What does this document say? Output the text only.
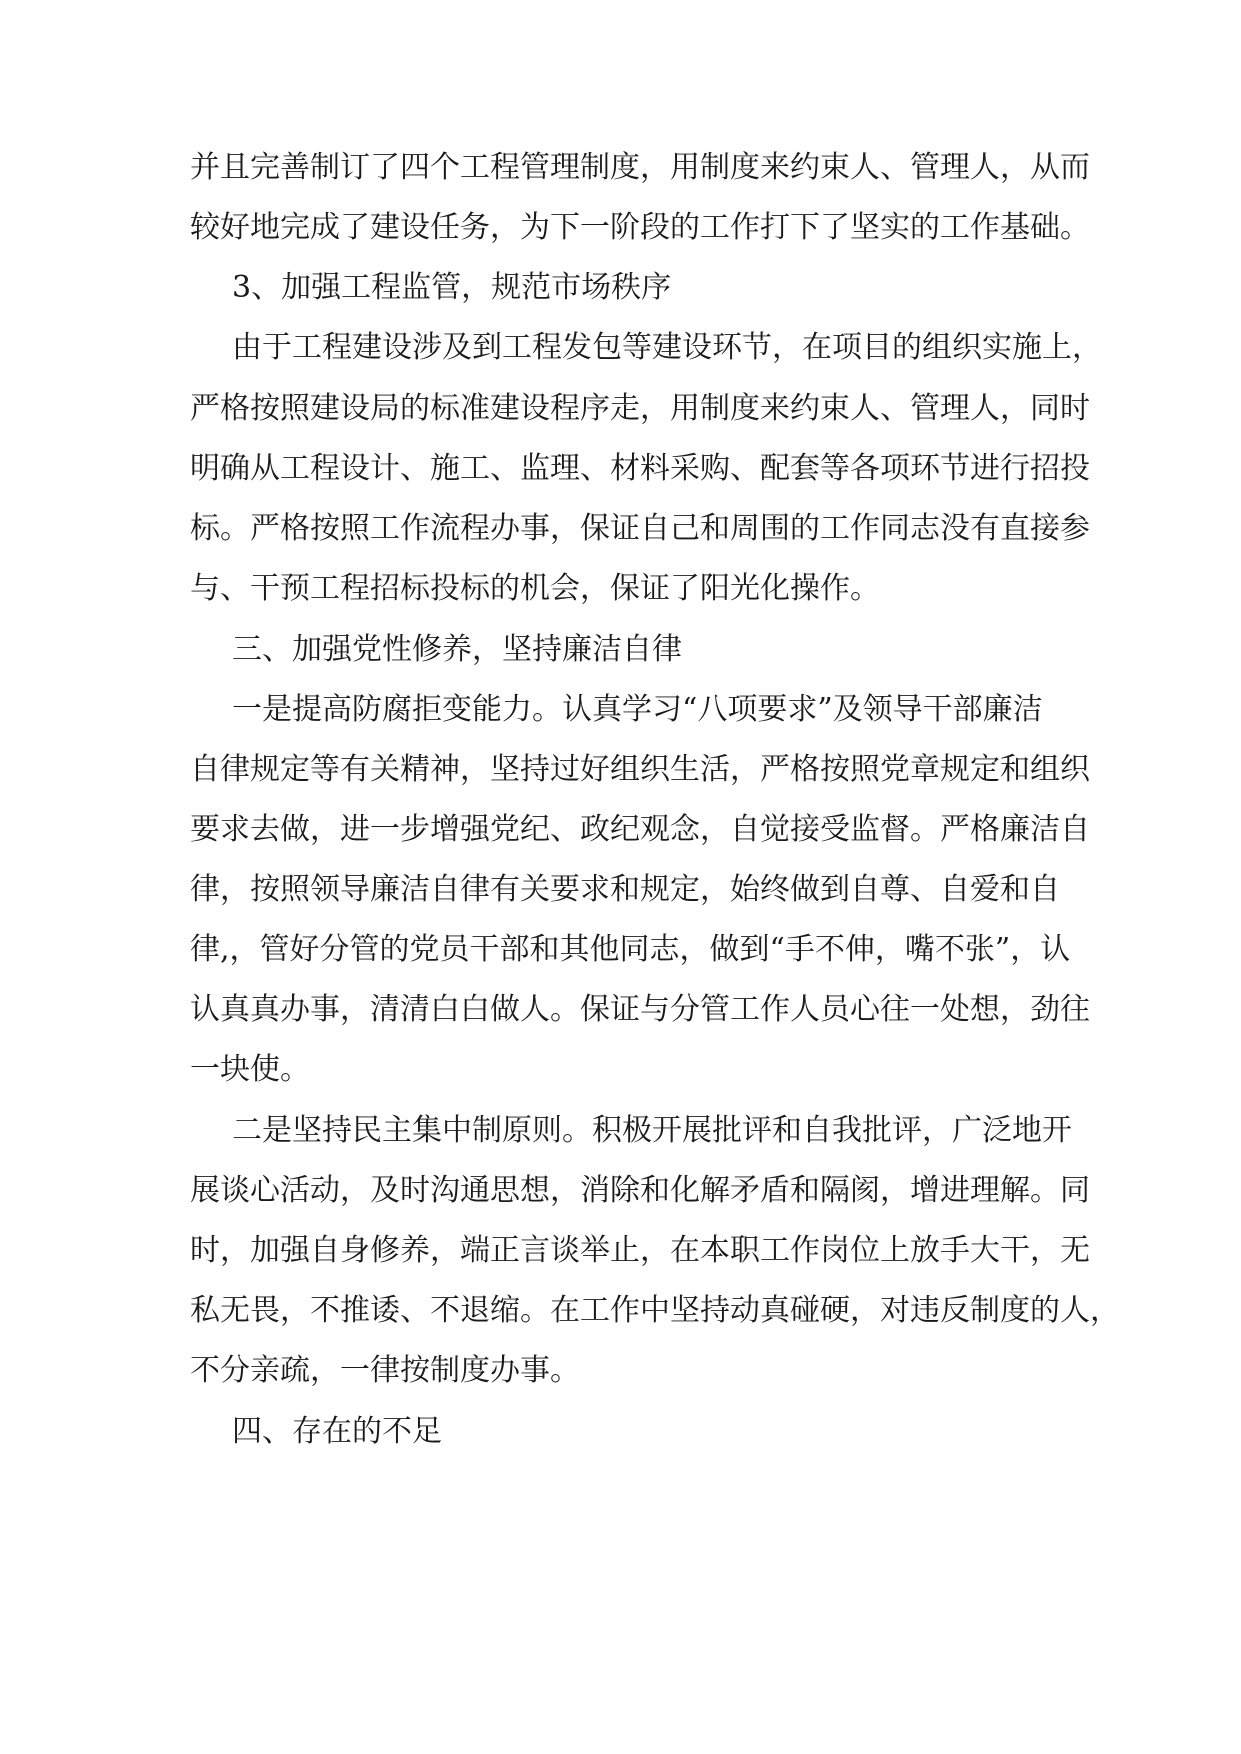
并且完善制订了四个工程管理制度，用制度来约束人、管理人，从而

较好地完成了建设任务，为下一阶段的工作打下了坚实的工作基础。

3、加强工程监管，规范市场秩序

由于工程建设涉及到工程发包等建设环节，在项目的组织实施上，

严格按照建设局的标准建设程序走，用制度来约束人、管理人，同时

明确从工程设计、施工、监理、材料采购、配套等各项环节进行招投

标。严格按照工作流程办事，保证自己和周围的工作同志没有直接参

与、干预工程招标投标的机会，保证了阳光化操作。

三、加强党性修养，坚持廉洁自律

一是提高防腐拒变能力。认真学习“八项要求”及领导干部廉洁

自律规定等有关精神，坚持过好组织生活，严格按照党章规定和组织

要求去做，进一步增强党纪、政纪观念，自觉接受监督。严格廉洁自

律，按照领导廉洁自律有关要求和规定，始终做到自尊、自爱和自

律,，管好分管的党员干部和其他同志，做到“手不伸，嘴不张”，认

认真真办事，清清白白做人。保证与分管工作人员心往一处想，劲往

一块使。

二是坚持民主集中制原则。积极开展批评和自我批评，广泛地开

展谈心活动，及时沟通思想，消除和化解矛盾和隔阂，增进理解。同

时，加强自身修养，端正言谈举止，在本职工作岗位上放手大干，无

私无畏，不推诿、不退缩。在工作中坚持动真碰硬，对违反制度的人，

不分亲疏，一律按制度办事。

四、存在的不足
